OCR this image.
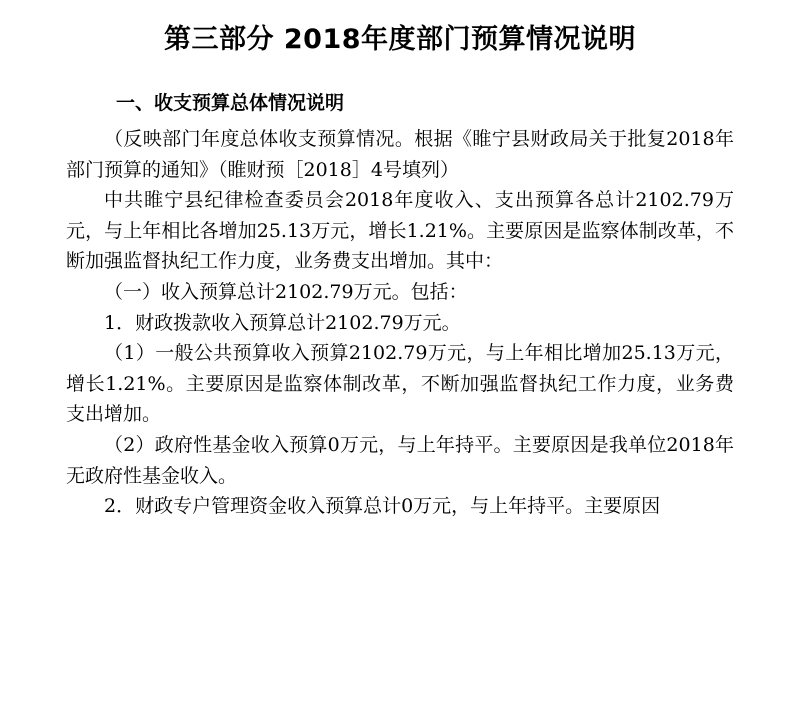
第三部分 2018年度部门预算情况说明
一、收支预算总体情况说明

（反映部门年度总体收支预算情况。根据《睢宁县财政局关于批复2018年部门预算的通知》（睢财预［2018］4号填列）

中共睢宁县纪律检查委员会2018年度收入、支出预算各总计2102.79万元，与上年相比各增加25.13万元，增长1.21%。主要原因是监察体制改革，不断加强监督执纪工作力度，业务费支出增加。其中：

（一）收入预算总计2102.79万元。包括：

1．财政拨款收入预算总计2102.79万元。

（1）一般公共预算收入预算2102.79万元，与上年相比增加25.13万元，增长1.21%。主要原因是监察体制改革，不断加强监督执纪工作力度，业务费支出增加。

（2）政府性基金收入预算0万元，与上年持平。主要原因是我单位2018年无政府性基金收入。

2．财政专户管理资金收入预算总计0万元，与上年持平。主要原因
